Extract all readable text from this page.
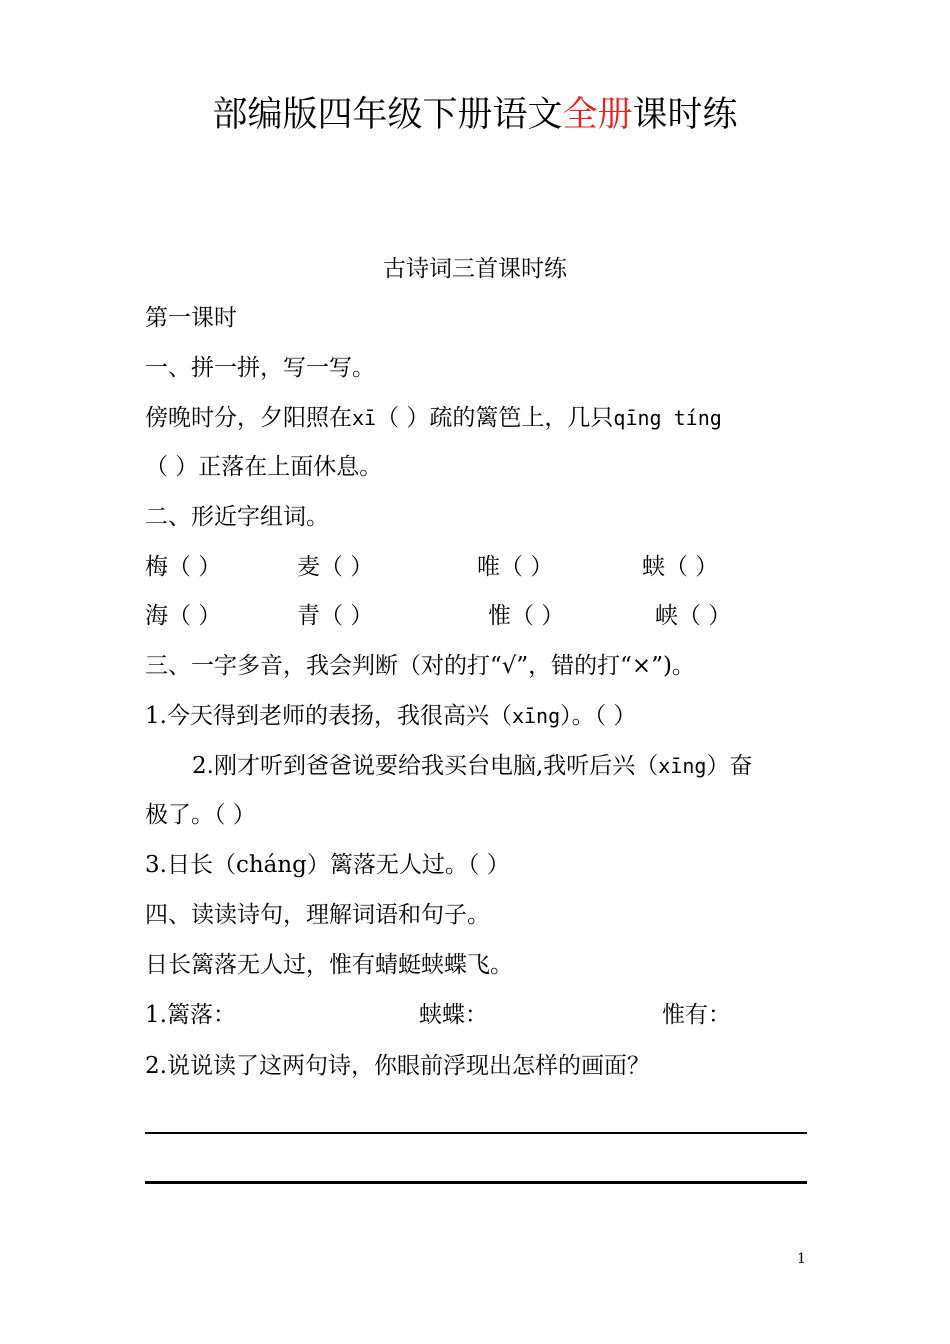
部编版四年级下册语文全册课时练
古诗词三首课时练
第一课时
一、拼一拼，写一写。
傍晚时分，夕阳照在xī（ ）疏的篱笆上，几只qīng tíng
（ ）正落在上面休息。
二、形近字组词。
梅（ ）	麦（ ）	唯（ ）	蛱（ ）
海（ ）	青（ ）	惟（ ）	峡（ ）
三、一字多音，我会判断（对的打“√”，错的打“×”)。
1.今天得到老师的表扬，我很高兴（xīng）。（ ）
2.刚才听到爸爸说要给我买台电脑,我听后兴（xīng）奋
极了。（ ）
3.日长（cháng）篱落无人过。（ ）
四、读读诗句，理解词语和句子。
日长篱落无人过，惟有蜻蜓蛱蝶飞。
1.篱落：	蛱蝶：	惟有：
2.说说读了这两句诗，你眼前浮现出怎样的画面？
1
